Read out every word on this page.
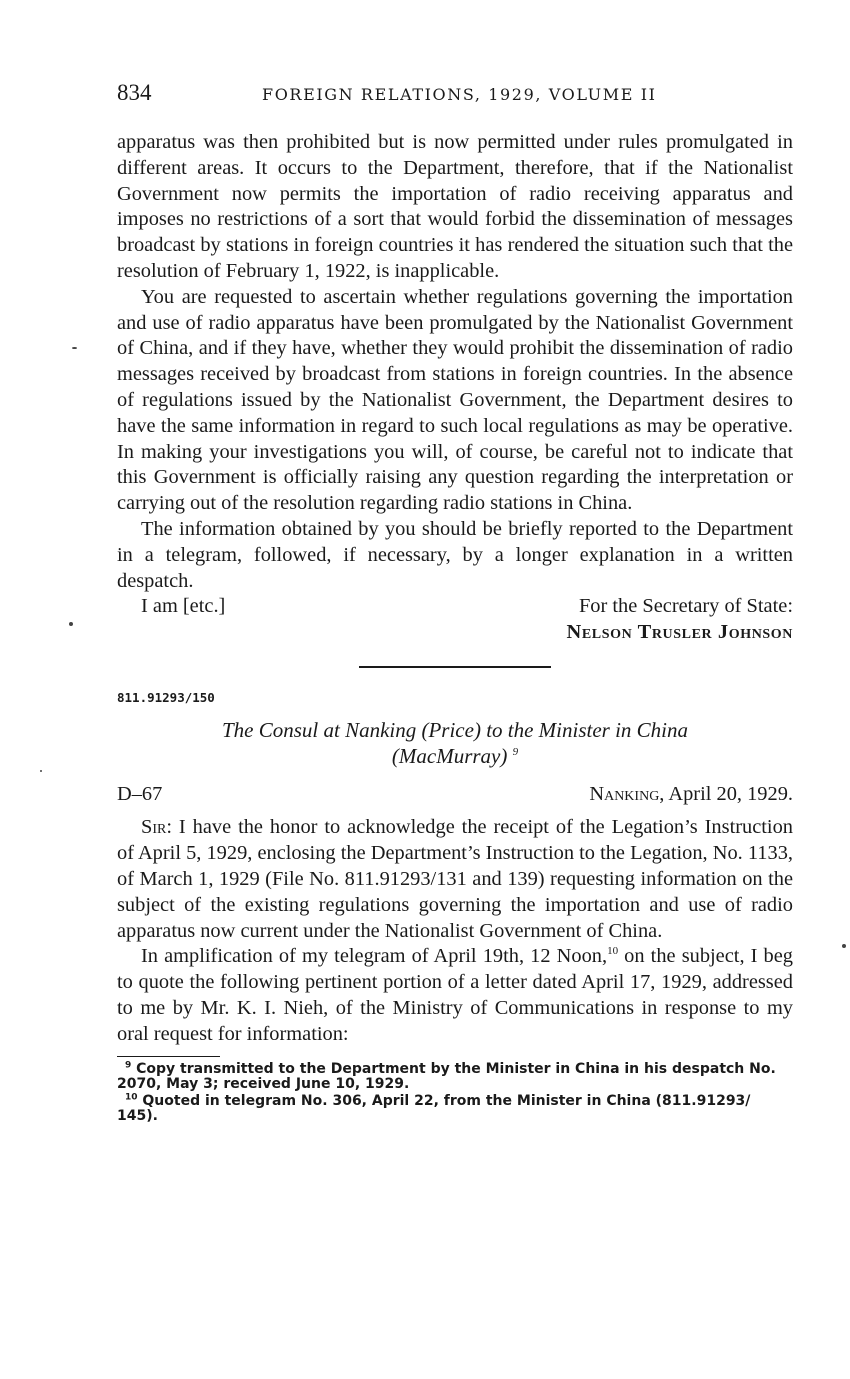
834	FOREIGN RELATIONS, 1929, VOLUME II

apparatus was then prohibited but is now permitted under rules promulgated in different areas. It occurs to the Department, therefore, that if the Nationalist Government now permits the importation of radio receiving apparatus and imposes no restrictions of a sort that would forbid the dissemination of messages broadcast by stations in foreign countries it has rendered the situation such that the resolution of February 1, 1922, is inapplicable.

You are requested to ascertain whether regulations governing the importation and use of radio apparatus have been promulgated by the Nationalist Government of China, and if they have, whether they would prohibit the dissemination of radio messages received by broadcast from stations in foreign countries. In the absence of regulations issued by the Nationalist Government, the Department desires to have the same information in regard to such local regulations as may be operative. In making your investigations you will, of course, be careful not to indicate that this Government is officially raising any question regarding the interpretation or carrying out of the resolution regarding radio stations in China.

The information obtained by you should be briefly reported to the Department in a telegram, followed, if necessary, by a longer explanation in a written despatch.

I am [etc.]	For the Secretary of State:
Nelson Trusler Johnson
811.91293/150
The Consul at Nanking (Price) to the Minister in China
(MacMurray) $^9$
D–67	Nanking, April 20, 1929.

Sir: I have the honor to acknowledge the receipt of the Legation’s Instruction of April 5, 1929, enclosing the Department’s Instruction to the Legation, No. 1133, of March 1, 1929 (File No. 811.91293/131 and 139) requesting information on the subject of the existing regulations governing the importation and use of radio apparatus now current under the Nationalist Government of China.

In amplification of my telegram of April 19th, 12 Noon,$^{10}$ on the subject, I beg to quote the following pertinent portion of a letter dated April 17, 1929, addressed to me by Mr. K. I. Nieh, of the Ministry of Communications in response to my oral request for information:

$^9$ Copy transmitted to the Department by the Minister in China in his despatch No. 2070, May 3; received June 10, 1929.

$^{10}$ Quoted in telegram No. 306, April 22, from the Minister in China (811.91293/ 145).
